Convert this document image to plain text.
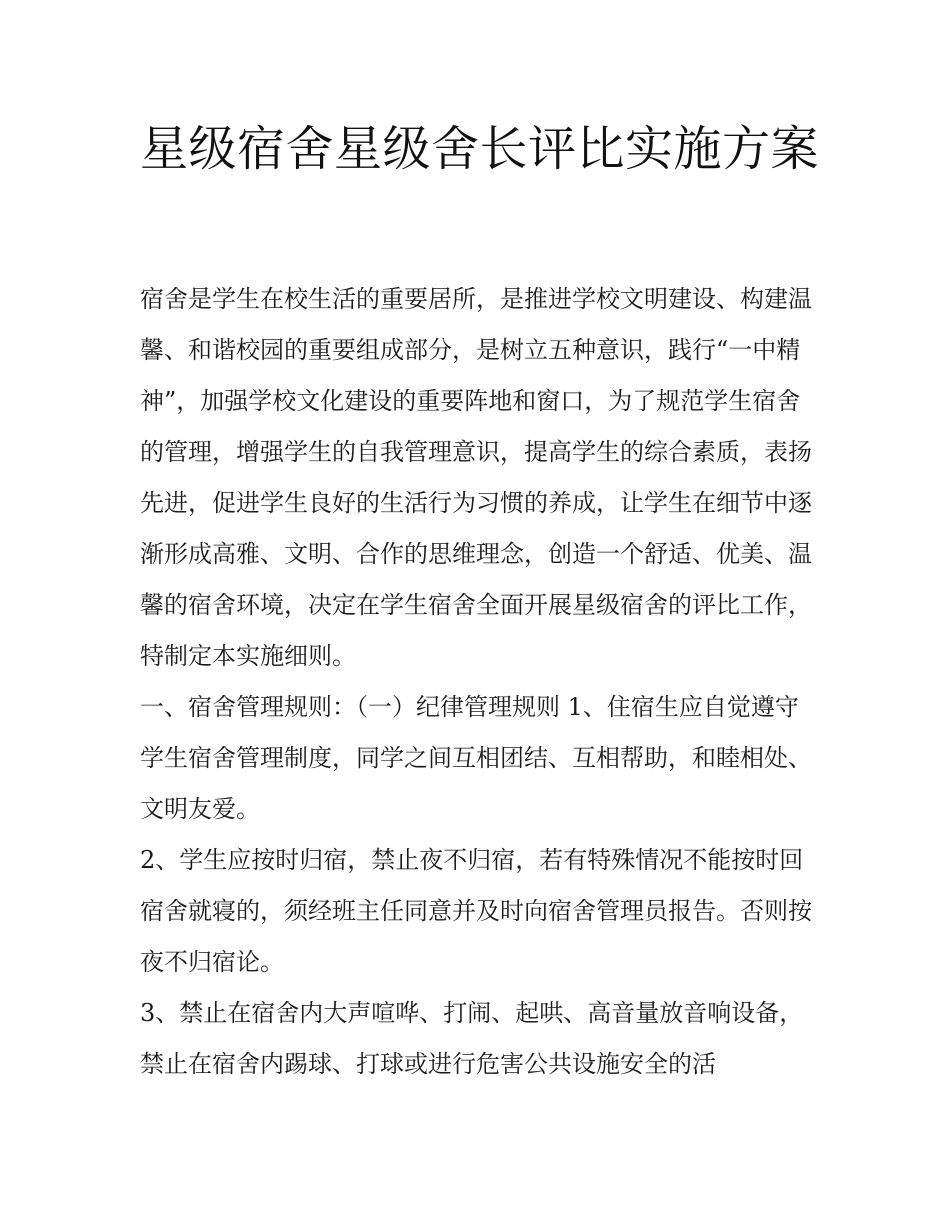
星级宿舍星级舍长评比实施方案

宿舍是学生在校生活的重要居所，是推进学校文明建设、构建温馨、和谐校园的重要组成部分，是树立五种意识，践行“一中精神”，加强学校文化建设的重要阵地和窗口，为了规范学生宿舍的管理，增强学生的自我管理意识，提高学生的综合素质，表扬先进，促进学生良好的生活行为习惯的养成，让学生在细节中逐渐形成高雅、文明、合作的思维理念，创造一个舒适、优美、温馨的宿舍环境，决定在学生宿舍全面开展星级宿舍的评比工作，特制定本实施细则。

一、宿舍管理规则：（一）纪律管理规则 1、住宿生应自觉遵守学生宿舍管理制度，同学之间互相团结、互相帮助，和睦相处、文明友爱。

2、学生应按时归宿，禁止夜不归宿，若有特殊情况不能按时回宿舍就寝的，须经班主任同意并及时向宿舍管理员报告。否则按夜不归宿论。

3、禁止在宿舍内大声喧哗、打闹、起哄、高音量放音响设备，禁止在宿舍内踢球、打球或进行危害公共设施安全的活
